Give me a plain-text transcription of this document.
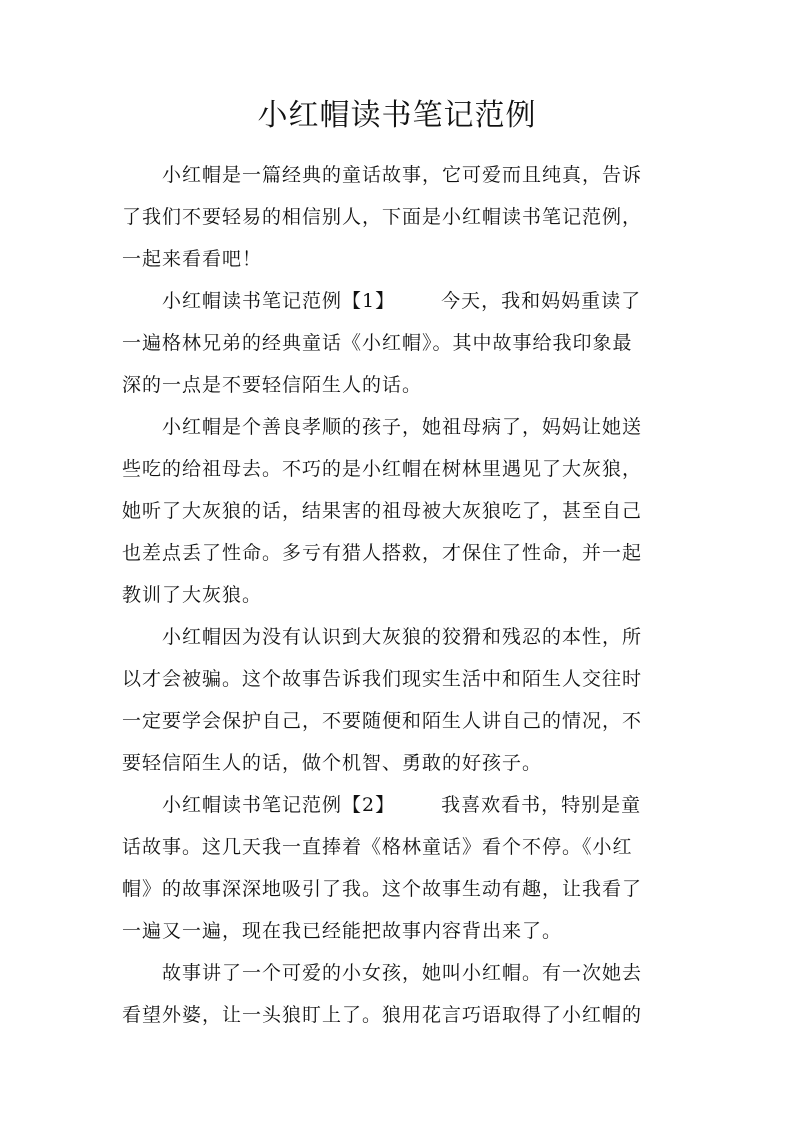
小红帽读书笔记范例
小红帽是一篇经典的童话故事，它可爱而且纯真，告诉
了我们不要轻易的相信别人，下面是小红帽读书笔记范例，
一起来看看吧！
小红帽读书笔记范例【1】 今天，我和妈妈重读了
一遍格林兄弟的经典童话《小红帽》。其中故事给我印象最
深的一点是不要轻信陌生人的话。
小红帽是个善良孝顺的孩子，她祖母病了，妈妈让她送
些吃的给祖母去。不巧的是小红帽在树林里遇见了大灰狼，
她听了大灰狼的话，结果害的祖母被大灰狼吃了，甚至自己
也差点丢了性命。多亏有猎人搭救，才保住了性命，并一起
教训了大灰狼。
小红帽因为没有认识到大灰狼的狡猾和残忍的本性，所
以才会被骗。这个故事告诉我们现实生活中和陌生人交往时
一定要学会保护自己，不要随便和陌生人讲自己的情况，不
要轻信陌生人的话，做个机智、勇敢的好孩子。
小红帽读书笔记范例【2】 我喜欢看书，特别是童
话故事。这几天我一直捧着《格林童话》看个不停。《小红
帽》的故事深深地吸引了我。这个故事生动有趣，让我看了
一遍又一遍，现在我已经能把故事内容背出来了。
故事讲了一个可爱的小女孩，她叫小红帽。有一次她去
看望外婆，让一头狼盯上了。狼用花言巧语取得了小红帽的
